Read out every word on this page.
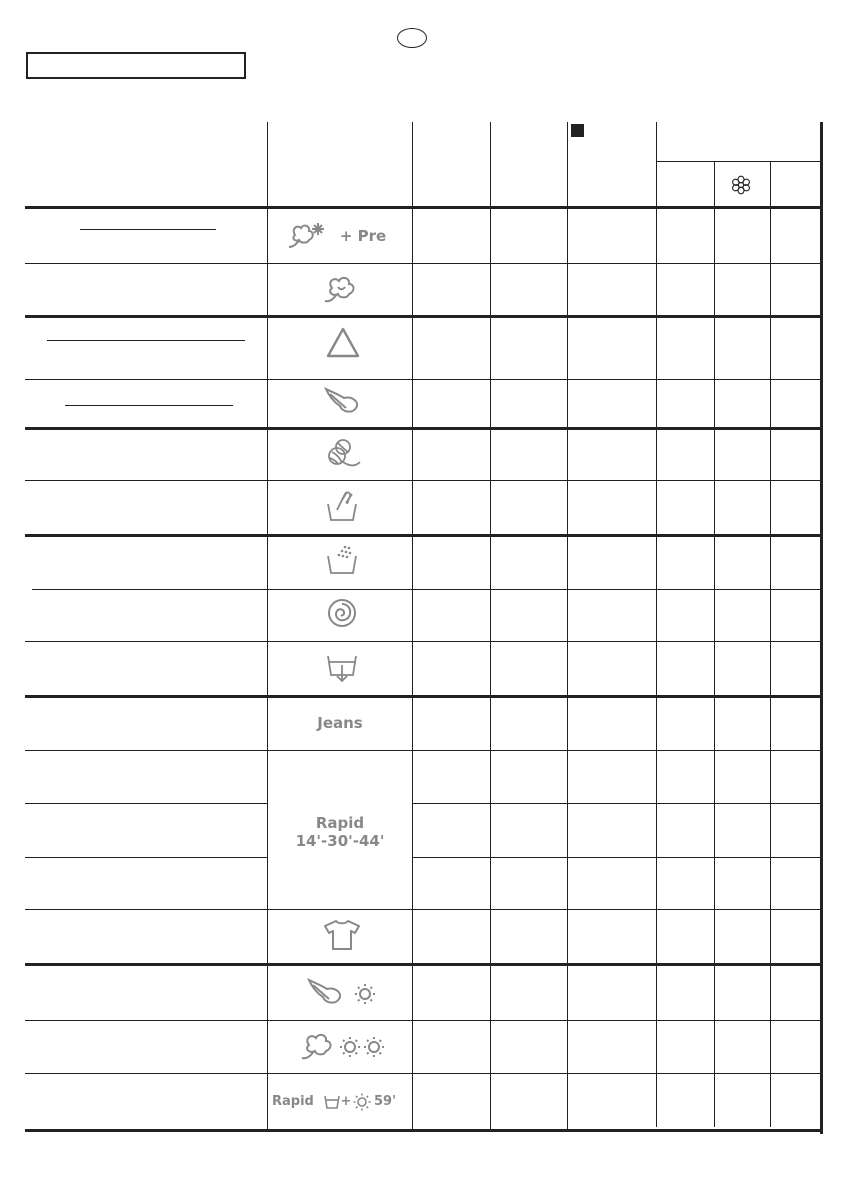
+ Pre
Jeans
Rapid
14'-30'-44'
Rapid	+ 59'
